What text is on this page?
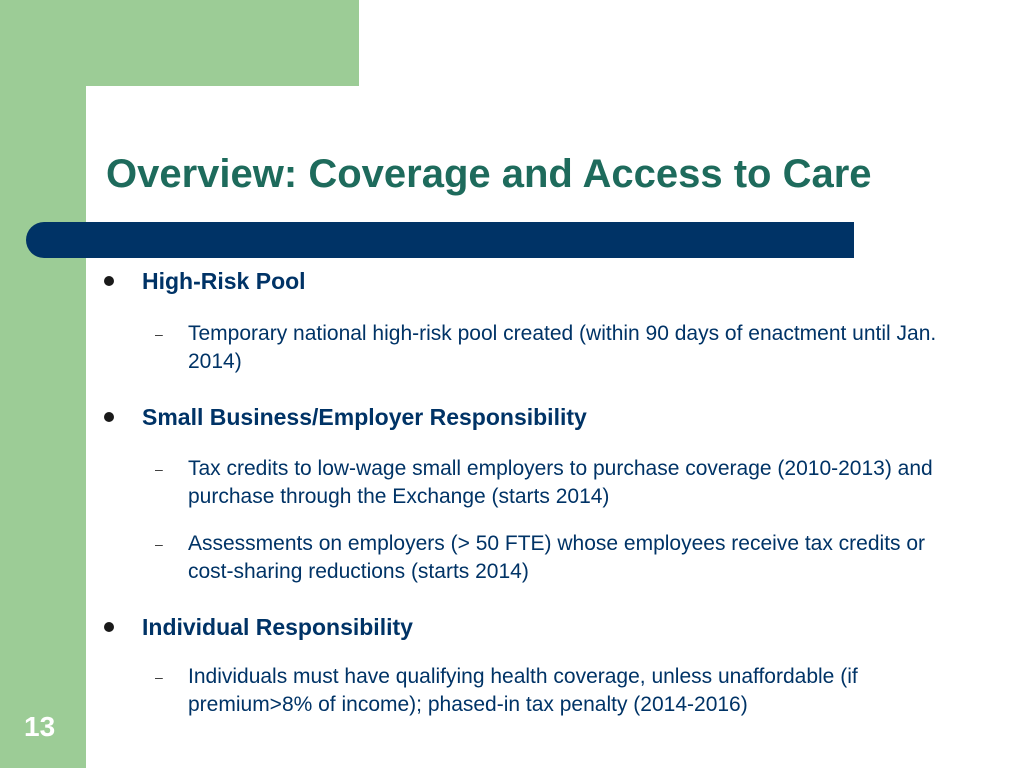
Overview: Coverage and Access to Care
High-Risk Pool
–	Temporary national high-risk pool created (within 90 days of enactment until Jan. 2014)
Small Business/Employer Responsibility
–	Tax credits to low-wage small employers to purchase coverage (2010-2013) and purchase through the Exchange (starts 2014)
–	Assessments on employers (> 50 FTE) whose employees receive tax credits or cost-sharing reductions (starts 2014)
Individual Responsibility
–	Individuals must have qualifying health coverage, unless unaffordable (if premium>8% of income); phased-in tax penalty (2014-2016)
13
